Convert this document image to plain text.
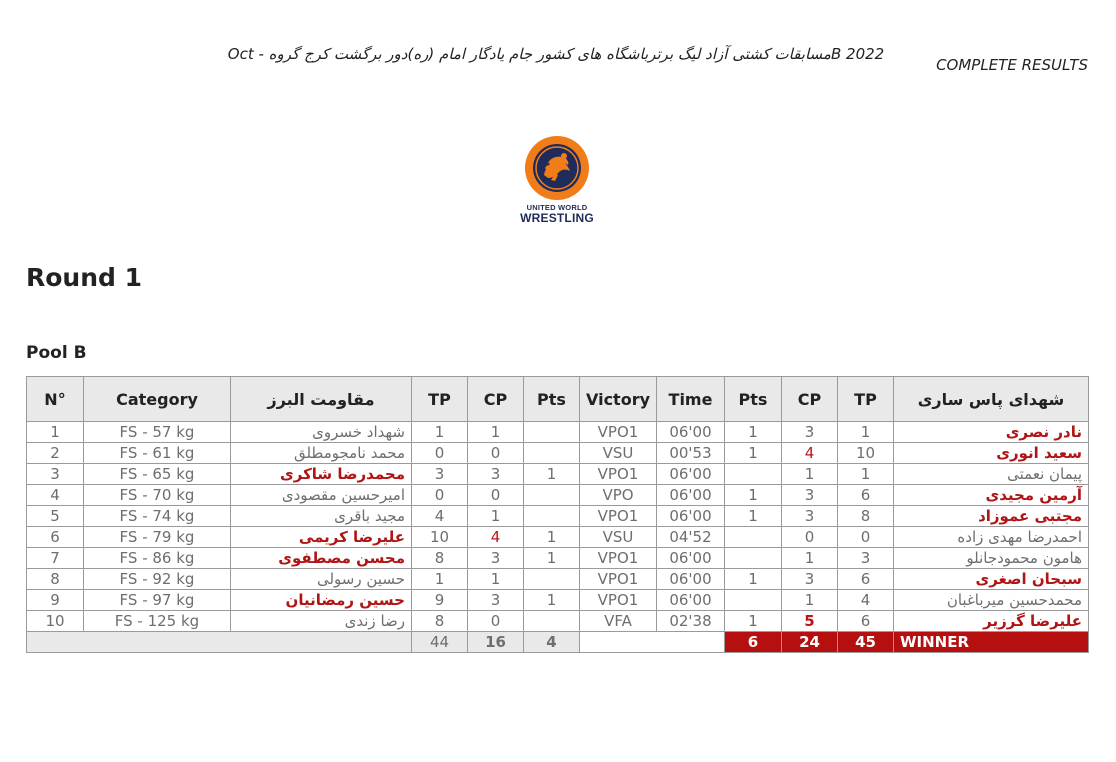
Oct - مسابقات کشتی آزاد لیگ برترباشگاه های کشور جام یادگار امام (ره)دور برگشت کرج گروهB 2022
COMPLETE RESULTS
UNITED WORLD
WRESTLING
Round 1
Pool B
N°	Category	مقاومت البرز	TP	CP	Pts	Victory	Time	Pts	CP	TP	شهدای پاس ساری
1	FS - 57 kg	شهداد خسروی	1	1		VPO1	06'00	1	3	1	نادر نصری
2	FS - 61 kg	محمد نامجومطلق	0	0		VSU	00'53	1	4	10	سعید انوری
3	FS - 65 kg	محمدرضا شاکری	3	3	1	VPO1	06'00		1	1	پیمان نعمتی
4	FS - 70 kg	امیرحسین مقصودی	0	0		VPO	06'00	1	3	6	آرمین مجیدی
5	FS - 74 kg	مجید باقری	4	1		VPO1	06'00	1	3	8	مجتبی عموزاد
6	FS - 79 kg	علیرضا کریمی	10	4	1	VSU	04'52		0	0	احمدرضا مهدی زاده
7	FS - 86 kg	محسن مصطفوی	8	3	1	VPO1	06'00		1	3	هامون محمودجانلو
8	FS - 92 kg	حسین رسولی	1	1		VPO1	06'00	1	3	6	سبحان اصغری
9	FS - 97 kg	حسین رمضانیان	9	3	1	VPO1	06'00		1	4	محمدحسین میرباغبان
10	FS - 125 kg	رضا زندی	8	0		VFA	02'38	1	5	6	علیرضا گرزیر
			44	16	4			6	24	45	WINNER
